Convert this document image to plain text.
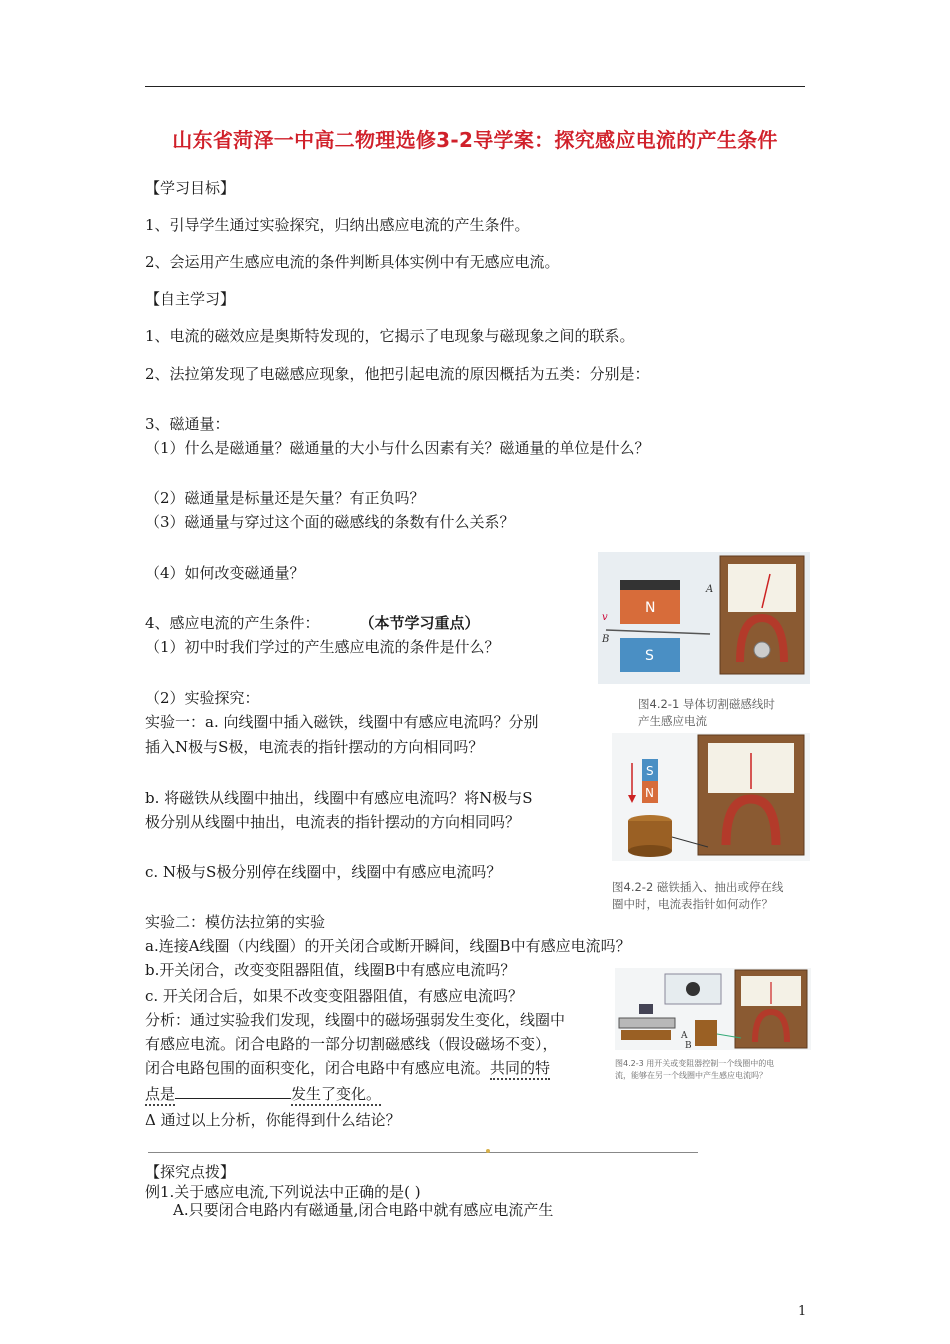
山东省菏泽一中高二物理选修3-2导学案：探究感应电流的产生条件
【学习目标】
1、引导学生通过实验探究，归纳出感应电流的产生条件。
2、会运用产生感应电流的条件判断具体实例中有无感应电流。
【自主学习】
1、电流的磁效应是奥斯特发现的，它揭示了电现象与磁现象之间的联系。
2、法拉第发现了电磁感应现象，他把引起电流的原因概括为五类：分别是：
3、磁通量：
（1）什么是磁通量？磁通量的大小与什么因素有关？磁通量的单位是什么？
（2）磁通量是标量还是矢量？有正负吗？
（3）磁通量与穿过这个面的磁感线的条数有什么关系？
（4）如何改变磁通量？
4、感应电流的产生条件：	（本节学习重点）
（1）初中时我们学过的产生感应电流的条件是什么？
（2）实验探究：
实验一：a. 向线圈中插入磁铁，线圈中有感应电流吗？分别
插入N极与S极，电流表的指针摆动的方向相同吗？
b. 将磁铁从线圈中抽出，线圈中有感应电流吗？将N极与S
极分别从线圈中抽出，电流表的指针摆动的方向相同吗？
c. N极与S极分别停在线圈中，线圈中有感应电流吗？
实验二：模仿法拉第的实验
a.连接A线圈（内线圈）的开关闭合或断开瞬间，线圈B中有感应电流吗？
b.开关闭合，改变变阻器阻值，线圈B中有感应电流吗？
c. 开关闭合后，如果不改变变阻器阻值，有感应电流吗？
分析：通过实验我们发现，线圈中的磁场强弱发生变化，线圈中
有感应电流。闭合电路的一部分切割磁感线（假设磁场不变），
闭合电路包围的面积变化，闭合电路中有感应电流。共同的特
点是	发生了变化。
Δ 通过以上分析，你能得到什么结论？
【探究点拨】
例1.关于感应电流,下列说法中正确的是( )
A.只要闭合电路内有磁通量,闭合电路中就有感应电流产生
1
N
S
v
B
A
图4.2-1 导体切割磁感线时
产生感应电流
S
N
图4.2-2 磁铁插入、抽出或停在线
圈中时，电流表指针如何动作？
A
B
图4.2-3 用开关或变阻器控制一个线圈中的电
流，能够在另一个线圈中产生感应电流吗？
